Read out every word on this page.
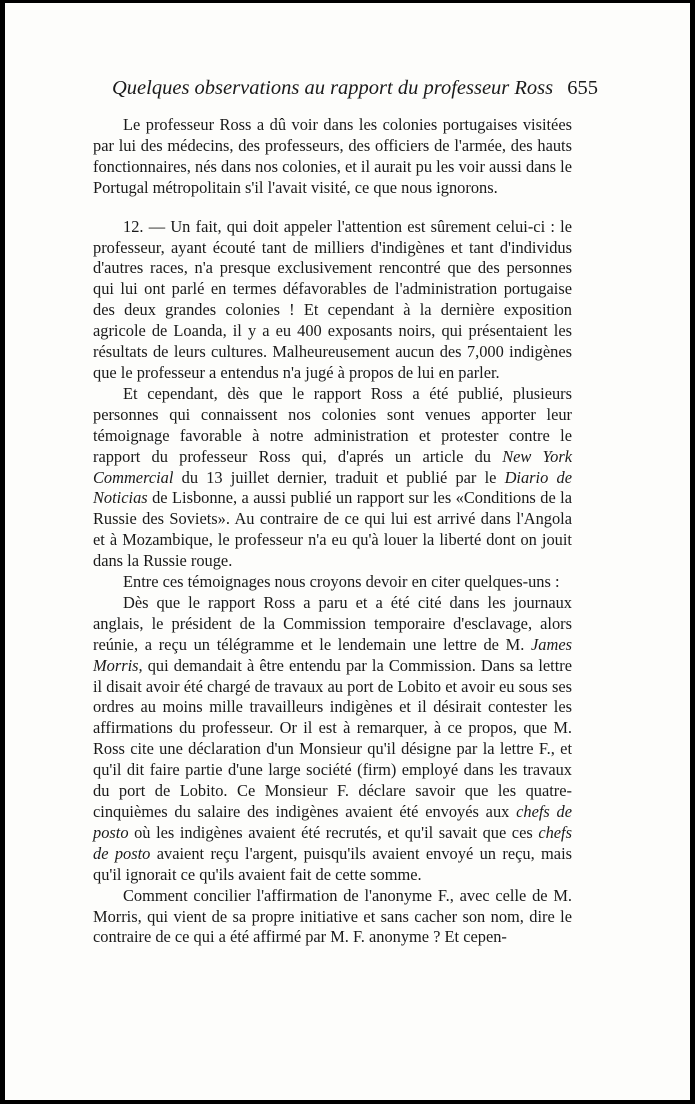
Quelques observations au rapport du professeur Ross 655

Le professeur Ross a dû voir dans les colonies portugaises visitées par lui des médecins, des professeurs, des officiers de l'armée, des hauts fonctionnaires, nés dans nos colonies, et il aurait pu les voir aussi dans le Portugal métropolitain s'il l'avait visité, ce que nous ignorons.

12. — Un fait, qui doit appeler l'attention est sûrement celui-ci : le professeur, ayant écouté tant de milliers d'indigènes et tant d'individus d'autres races, n'a presque exclusivement rencontré que des personnes qui lui ont parlé en termes défavorables de l'administration portugaise des deux grandes colonies ! Et cependant à la dernière exposition agricole de Loanda, il y a eu 400 exposants noirs, qui présentaient les résultats de leurs cultures. Malheureusement aucun des 7,000 indigènes que le professeur a entendus n'a jugé à propos de lui en parler.

Et cependant, dès que le rapport Ross a été publié, plusieurs personnes qui connaissent nos colonies sont venues apporter leur témoignage favorable à notre administration et protester contre le rapport du professeur Ross qui, d'aprés un article du New York Commercial du 13 juillet dernier, traduit et publié par le Diario de Noticias de Lisbonne, a aussi publié un rapport sur les «Conditions de la Russie des Soviets». Au contraire de ce qui lui est arrivé dans l'Angola et à Mozambique, le professeur n'a eu qu'à louer la liberté dont on jouit dans la Russie rouge.

Entre ces témoignages nous croyons devoir en citer quelques-uns :

Dès que le rapport Ross a paru et a été cité dans les journaux anglais, le président de la Commission temporaire d'esclavage, alors reúnie, a reçu un télégramme et le lendemain une lettre de M. James Morris, qui demandait à être entendu par la Commission. Dans sa lettre il disait avoir été chargé de travaux au port de Lobito et avoir eu sous ses ordres au moins mille travailleurs indigènes et il désirait contester les affirmations du professeur. Or il est à remarquer, à ce propos, que M. Ross cite une déclaration d'un Monsieur qu'il désigne par la lettre F., et qu'il dit faire partie d'une large société (firm) employé dans les travaux du port de Lobito. Ce Monsieur F. déclare savoir que les quatre-cinquièmes du salaire des indigènes avaient été envoyés aux chefs de posto où les indigènes avaient été recrutés, et qu'il savait que ces chefs de posto avaient reçu l'argent, puisqu'ils avaient envoyé un reçu, mais qu'il ignorait ce qu'ils avaient fait de cette somme.

Comment concilier l'affirmation de l'anonyme F., avec celle de M. Morris, qui vient de sa propre initiative et sans cacher son nom, dire le contraire de ce qui a été affirmé par M. F. anonyme ? Et cepen-
